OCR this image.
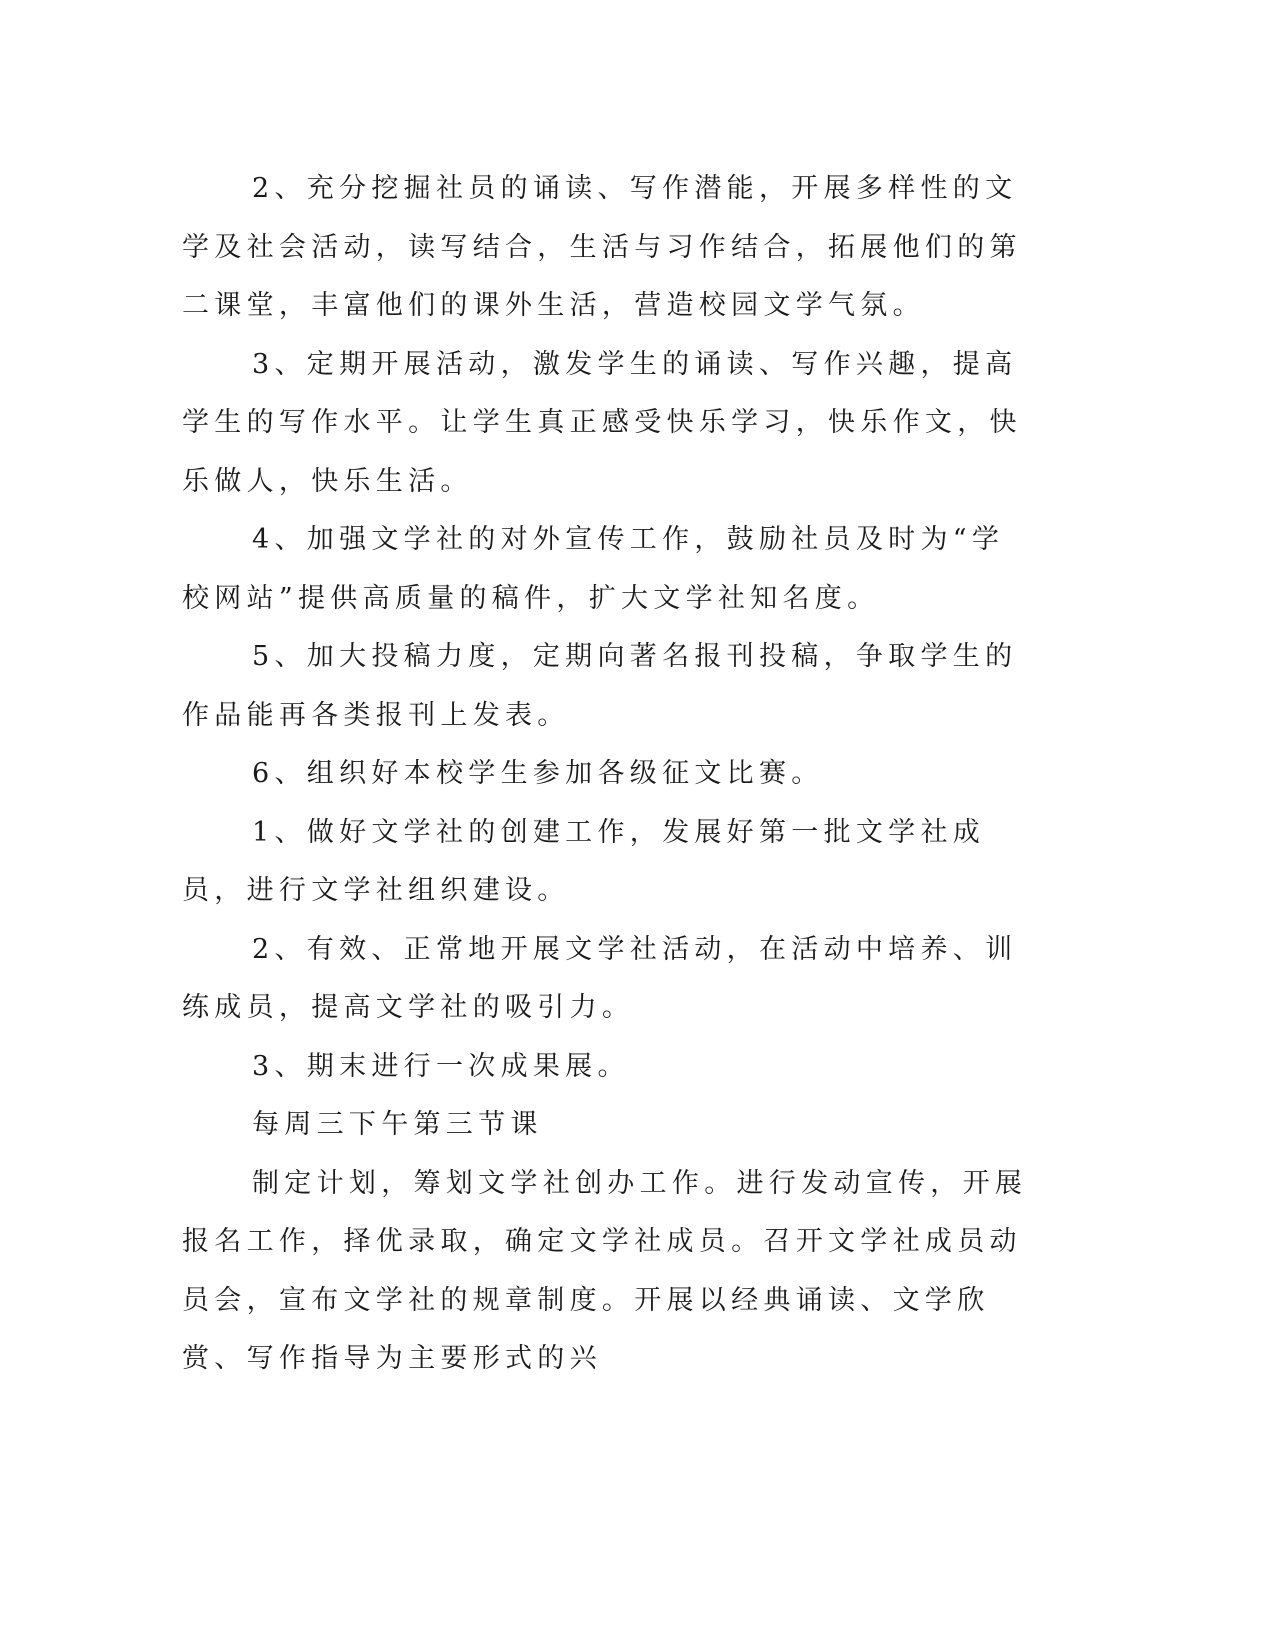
2、充分挖掘社员的诵读、写作潜能，开展多样性的文学及社会活动，读写结合，生活与习作结合，拓展他们的第二课堂，丰富他们的课外生活，营造校园文学气氛。

3、定期开展活动，激发学生的诵读、写作兴趣，提高学生的写作水平。让学生真正感受快乐学习，快乐作文，快乐做人，快乐生活。

4、加强文学社的对外宣传工作，鼓励社员及时为“学校网站”提供高质量的稿件，扩大文学社知名度。

5、加大投稿力度，定期向著名报刊投稿，争取学生的作品能再各类报刊上发表。

6、组织好本校学生参加各级征文比赛。

1、做好文学社的创建工作，发展好第一批文学社成员，进行文学社组织建设。

2、有效、正常地开展文学社活动，在活动中培养、训练成员，提高文学社的吸引力。

3、期末进行一次成果展。

每周三下午第三节课

制定计划，筹划文学社创办工作。进行发动宣传，开展报名工作，择优录取，确定文学社成员。召开文学社成员动员会，宣布文学社的规章制度。开展以经典诵读、文学欣赏、写作指导为主要形式的兴
